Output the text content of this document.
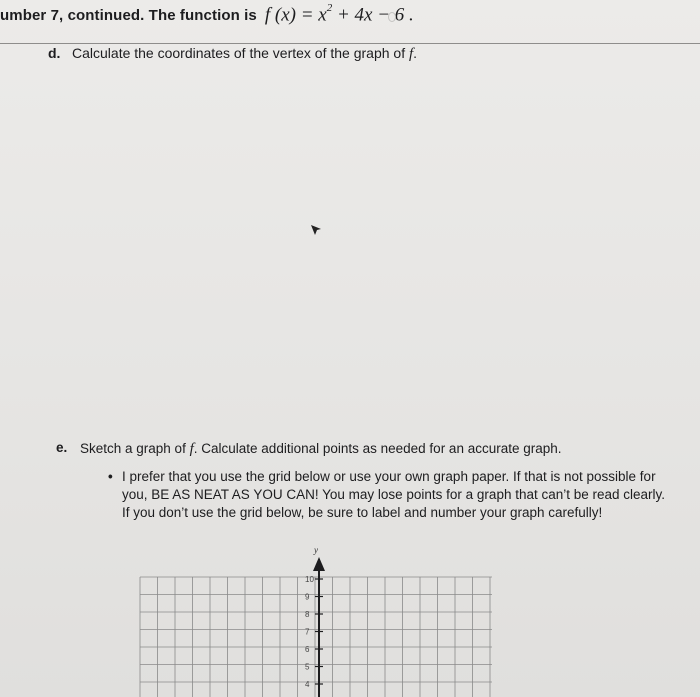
umber 7, continued. The function is f $(x) = x^2 + 4x - 6$ .
d. Calculate the coordinates of the vertex of the graph of f.
e. Sketch a graph of f. Calculate additional points as needed for an accurate graph.
• I prefer that you use the grid below or use your own graph paper. If that is not possible for
you, BE AS NEAT AS YOU CAN! You may lose points for a graph that can’t be read clearly.
If you don’t use the grid below, be sure to label and number your graph carefully!
y
10
9
8
7
6
5
4
